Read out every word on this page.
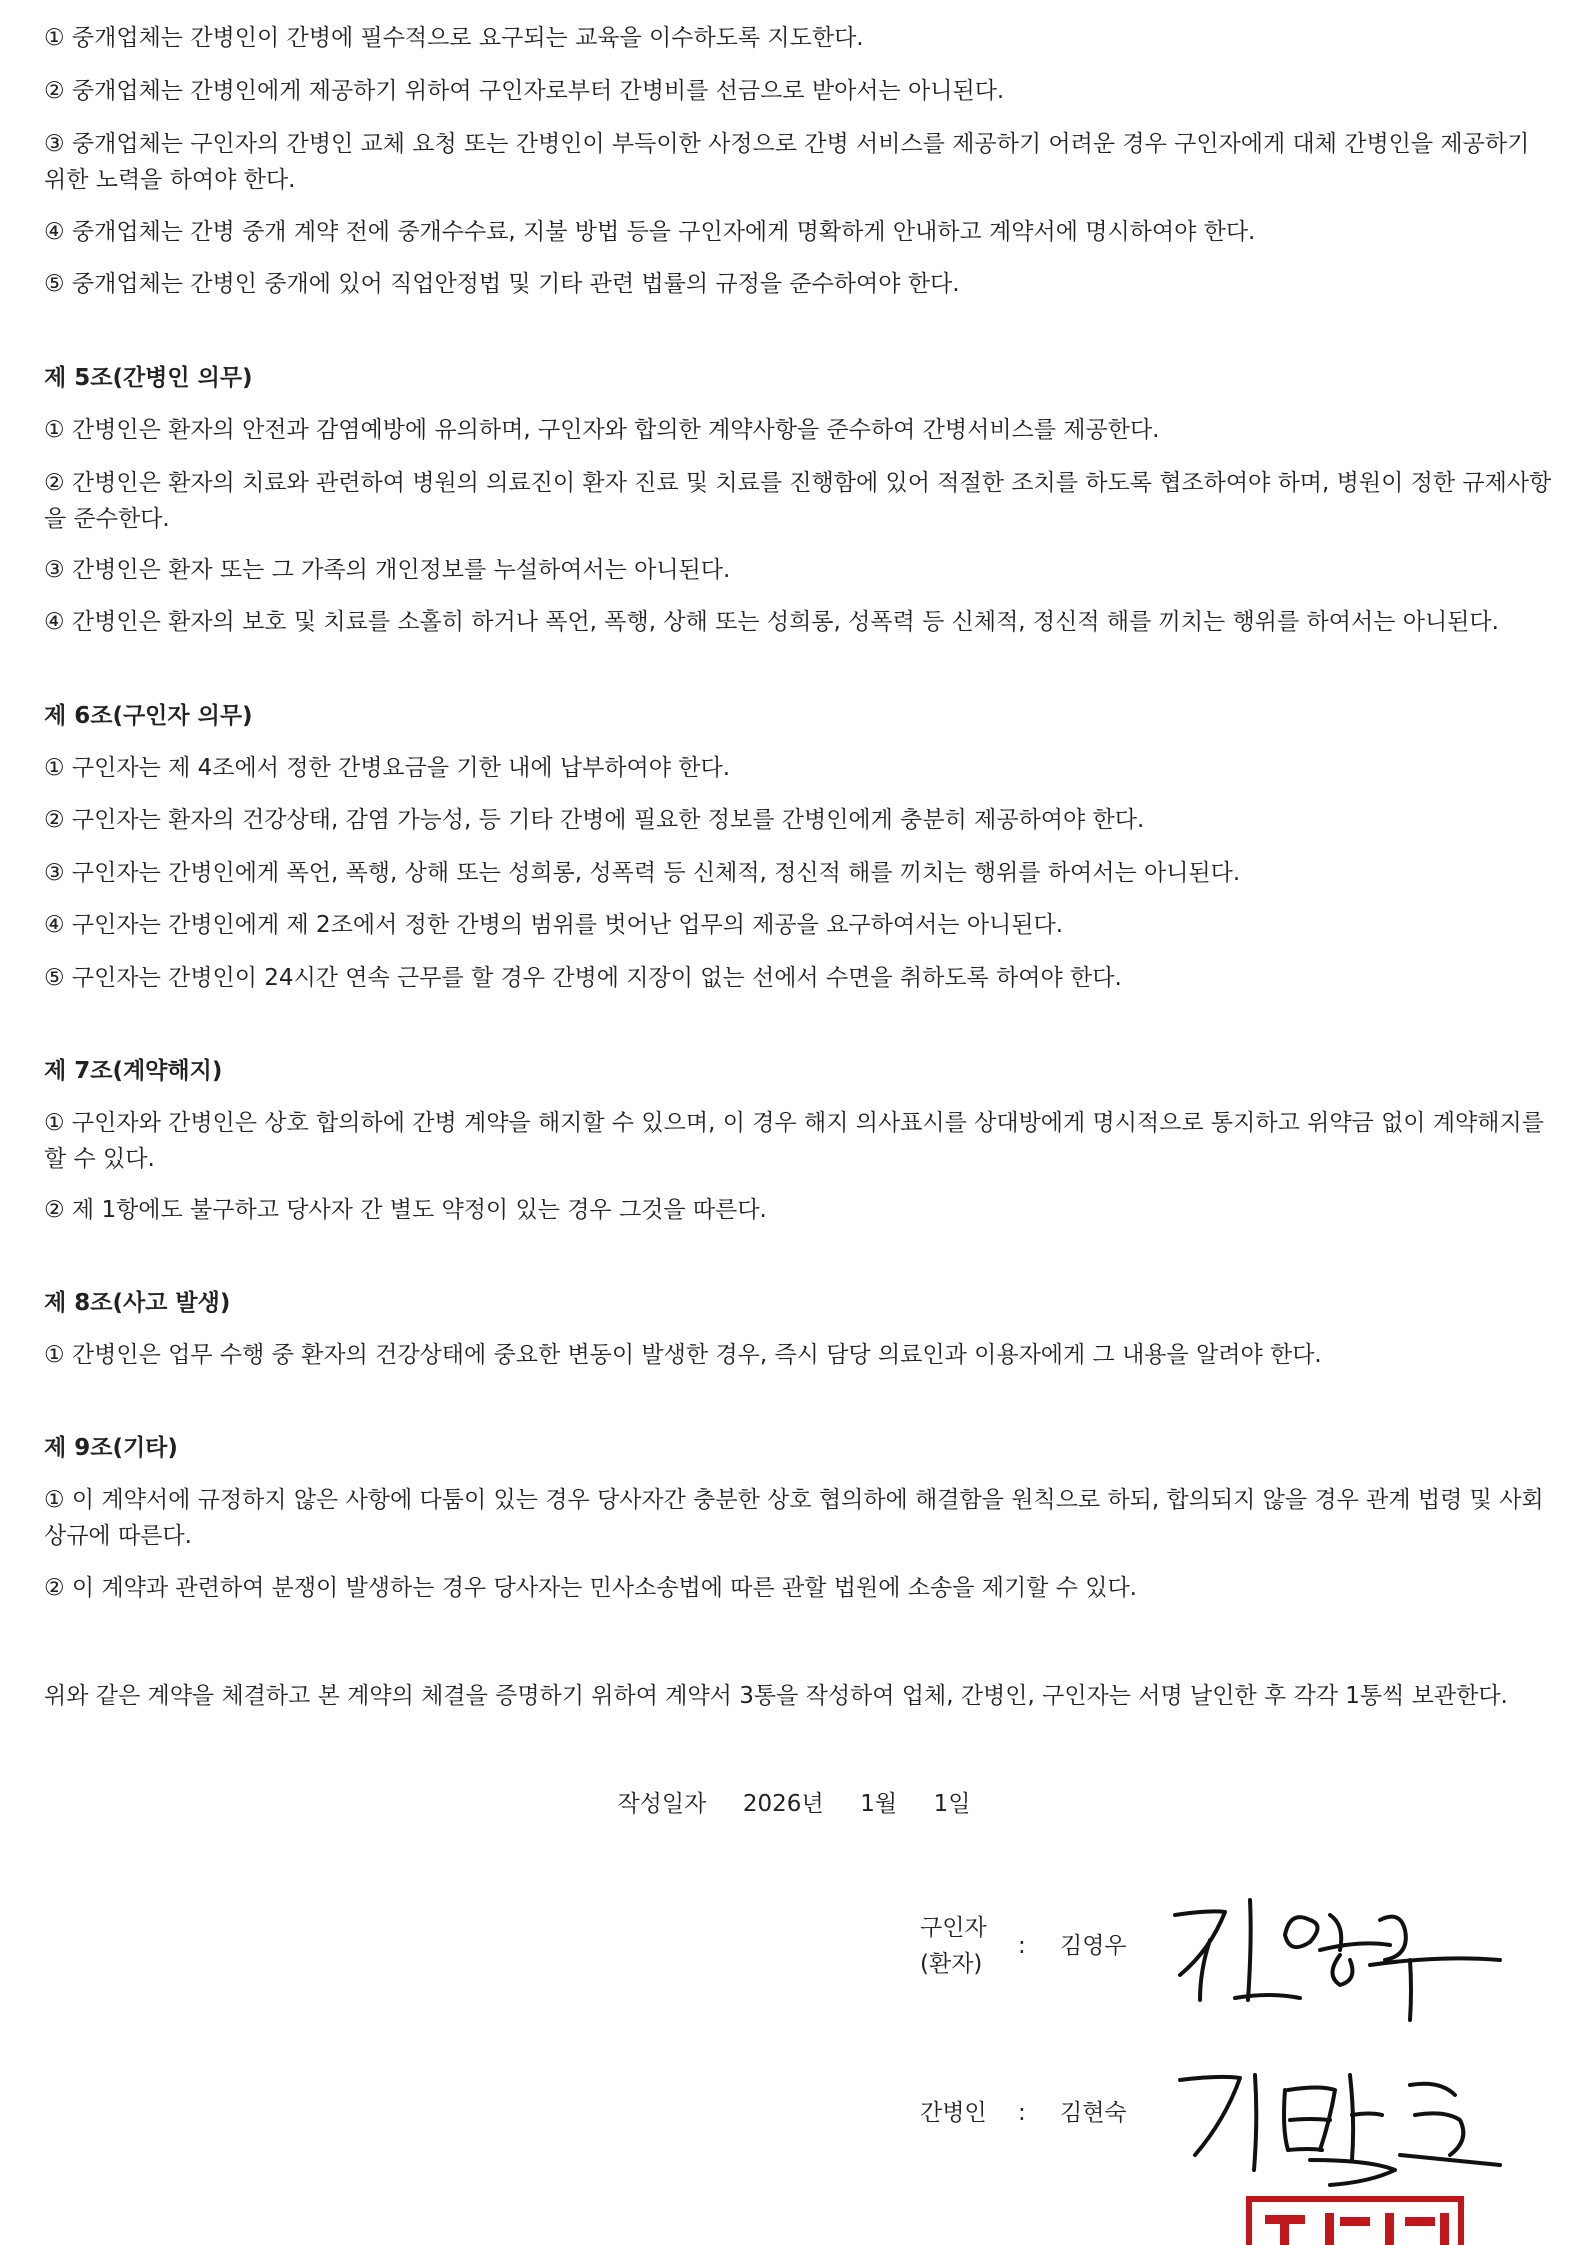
① 중개업체는 간병인이 간병에 필수적으로 요구되는 교육을 이수하도록 지도한다.

② 중개업체는 간병인에게 제공하기 위하여 구인자로부터 간병비를 선금으로 받아서는 아니된다.

③ 중개업체는 구인자의 간병인 교체 요청 또는 간병인이 부득이한 사정으로 간병 서비스를 제공하기 어려운 경우 구인자에게 대체 간병인을 제공하기 위한 노력을 하여야 한다.

④ 중개업체는 간병 중개 계약 전에 중개수수료, 지불 방법 등을 구인자에게 명확하게 안내하고 계약서에 명시하여야 한다.

⑤ 중개업체는 간병인 중개에 있어 직업안정법 및 기타 관련 법률의 규정을 준수하여야 한다.

제 5조(간병인 의무)

① 간병인은 환자의 안전과 감염예방에 유의하며, 구인자와 합의한 계약사항을 준수하여 간병서비스를 제공한다.

② 간병인은 환자의 치료와 관련하여 병원의 의료진이 환자 진료 및 치료를 진행함에 있어 적절한 조치를 하도록 협조하여야 하며, 병원이 정한 규제사항을 준수한다.

③ 간병인은 환자 또는 그 가족의 개인정보를 누설하여서는 아니된다.

④ 간병인은 환자의 보호 및 치료를 소홀히 하거나 폭언, 폭행, 상해 또는 성희롱, 성폭력 등 신체적, 정신적 해를 끼치는 행위를 하여서는 아니된다.

제 6조(구인자 의무)

① 구인자는 제 4조에서 정한 간병요금을 기한 내에 납부하여야 한다.

② 구인자는 환자의 건강상태, 감염 가능성, 등 기타 간병에 필요한 정보를 간병인에게 충분히 제공하여야 한다.

③ 구인자는 간병인에게 폭언, 폭행, 상해 또는 성희롱, 성폭력 등 신체적, 정신적 해를 끼치는 행위를 하여서는 아니된다.

④ 구인자는 간병인에게 제 2조에서 정한 간병의 범위를 벗어난 업무의 제공을 요구하여서는 아니된다.

⑤ 구인자는 간병인이 24시간 연속 근무를 할 경우 간병에 지장이 없는 선에서 수면을 취하도록 하여야 한다.

제 7조(계약해지)

① 구인자와 간병인은 상호 합의하에 간병 계약을 해지할 수 있으며, 이 경우 해지 의사표시를 상대방에게 명시적으로 통지하고 위약금 없이 계약해지를 할 수 있다.

② 제 1항에도 불구하고 당사자 간 별도 약정이 있는 경우 그것을 따른다.

제 8조(사고 발생)

① 간병인은 업무 수행 중 환자의 건강상태에 중요한 변동이 발생한 경우, 즉시 담당 의료인과 이용자에게 그 내용을 알려야 한다.

제 9조(기타)

① 이 계약서에 규정하지 않은 사항에 다툼이 있는 경우 당사자간 충분한 상호 협의하에 해결함을 원칙으로 하되, 합의되지 않을 경우 관계 법령 및 사회상규에 따른다.

② 이 계약과 관련하여 분쟁이 발생하는 경우 당사자는 민사소송법에 따른 관할 법원에 소송을 제기할 수 있다.

위와 같은 계약을 체결하고 본 계약의 체결을 증명하기 위하여 계약서 3통을 작성하여 업체, 간병인, 구인자는 서명 날인한 후 각각 1통씩 보관한다.

작성일자 2026년 1월 1일
구인자
(환자)
: 김영우
간병인 : 김현숙
